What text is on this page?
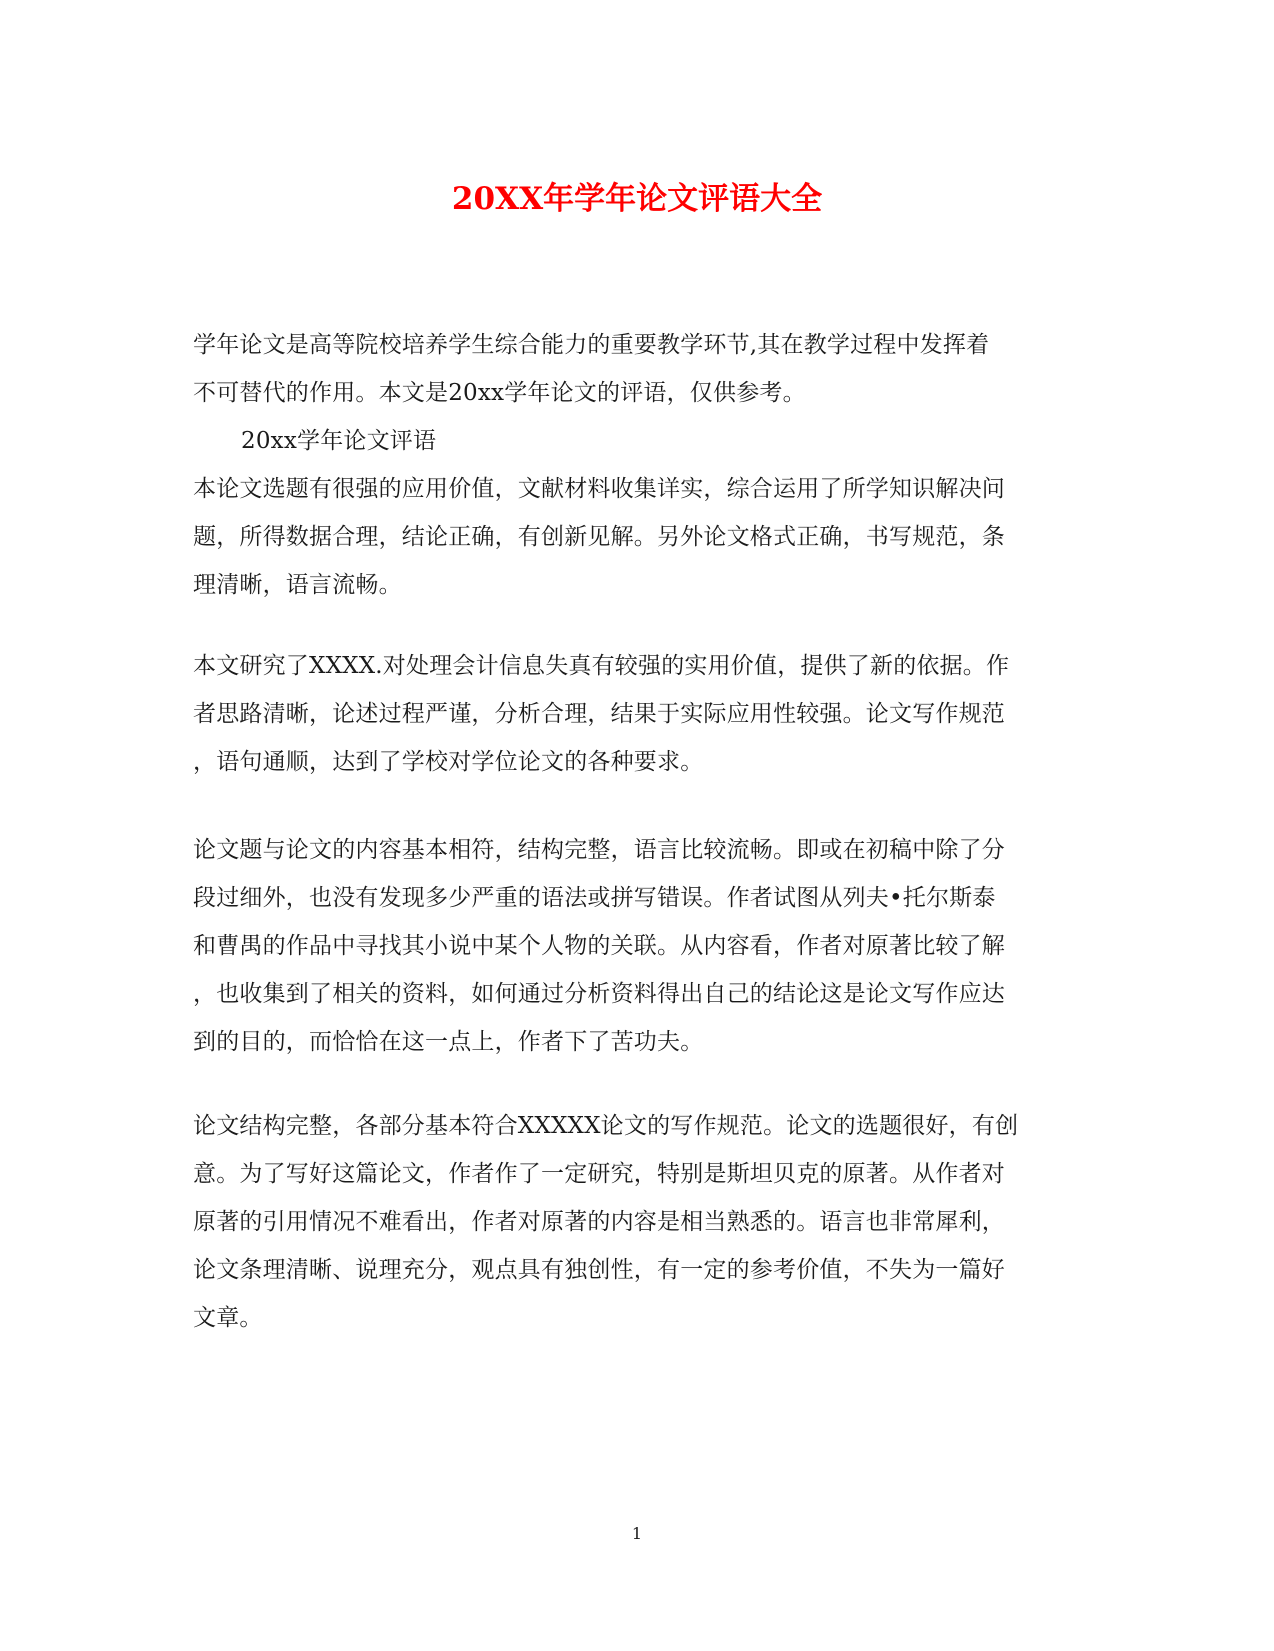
20XX年学年论文评语大全
学年论文是高等院校培养学生综合能力的重要教学环节,其在教学过程中发挥着
不可替代的作用。本文是20xx学年论文的评语，仅供参考。
20xx学年论文评语
本论文选题有很强的应用价值，文献材料收集详实，综合运用了所学知识解决问
题，所得数据合理，结论正确，有创新见解。另外论文格式正确，书写规范，条
理清晰，语言流畅。
本文研究了XXXX.对处理会计信息失真有较强的实用价值，提供了新的依据。作
者思路清晰，论述过程严谨，分析合理，结果于实际应用性较强。论文写作规范
，语句通顺，达到了学校对学位论文的各种要求。
论文题与论文的内容基本相符，结构完整，语言比较流畅。即或在初稿中除了分
段过细外，也没有发现多少严重的语法或拼写错误。作者试图从列夫•托尔斯泰
和曹禺的作品中寻找其小说中某个人物的关联。从内容看，作者对原著比较了解
，也收集到了相关的资料，如何通过分析资料得出自己的结论这是论文写作应达
到的目的，而恰恰在这一点上，作者下了苦功夫。
论文结构完整，各部分基本符合XXXXX论文的写作规范。论文的选题很好，有创
意。为了写好这篇论文，作者作了一定研究，特别是斯坦贝克的原著。从作者对
原著的引用情况不难看出，作者对原著的内容是相当熟悉的。语言也非常犀利，
论文条理清晰、说理充分，观点具有独创性，有一定的参考价值，不失为一篇好
文章。
1
